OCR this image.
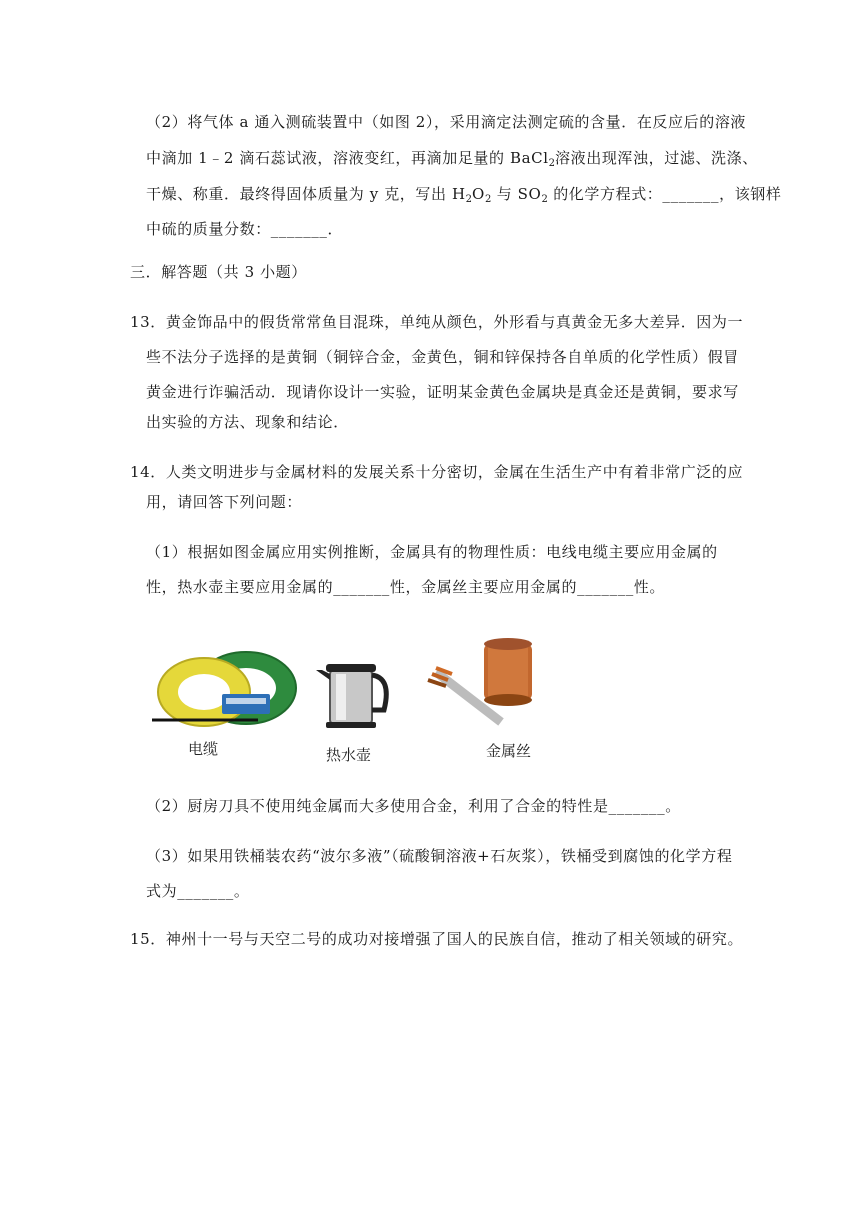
（2）将气体 a 通入测硫装置中（如图 2），采用滴定法测定硫的含量．在反应后的溶液
中滴加 1﹣2 滴石蕊试液，溶液变红，再滴加足量的 BaCl$_2$溶液出现浑浊，过滤、洗涤、
干燥、称重．最终得固体质量为 y 克，写出 $H_2O_2$ 与 $SO_2$ 的化学方程式：_______，该钢样
中硫的质量分数：_______．
三．解答题（共 3 小题）
13．黄金饰品中的假货常常鱼目混珠，单纯从颜色，外形看与真黄金无多大差异．因为一
些不法分子选择的是黄铜（铜锌合金，金黄色，铜和锌保持各自单质的化学性质）假冒
黄金进行诈骗活动．现请你设计一实验，证明某金黄色金属块是真金还是黄铜，要求写
出实验的方法、现象和结论．
14．人类文明进步与金属材料的发展关系十分密切，金属在生活生产中有着非常广泛的应
用，请回答下列问题：
（1）根据如图金属应用实例推断，金属具有的物理性质：电线电缆主要应用金属的
性，热水壶主要应用金属的_______性，金属丝主要应用金属的_______性。
电缆	热水壶	金属丝
（2）厨房刀具不使用纯金属而大多使用合金，利用了合金的特性是_______。
（3）如果用铁桶装农药“波尔多液”（硫酸铜溶液+石灰浆），铁桶受到腐蚀的化学方程
式为_______。
15．神州十一号与天空二号的成功对接增强了国人的民族自信，推动了相关领域的研究。
